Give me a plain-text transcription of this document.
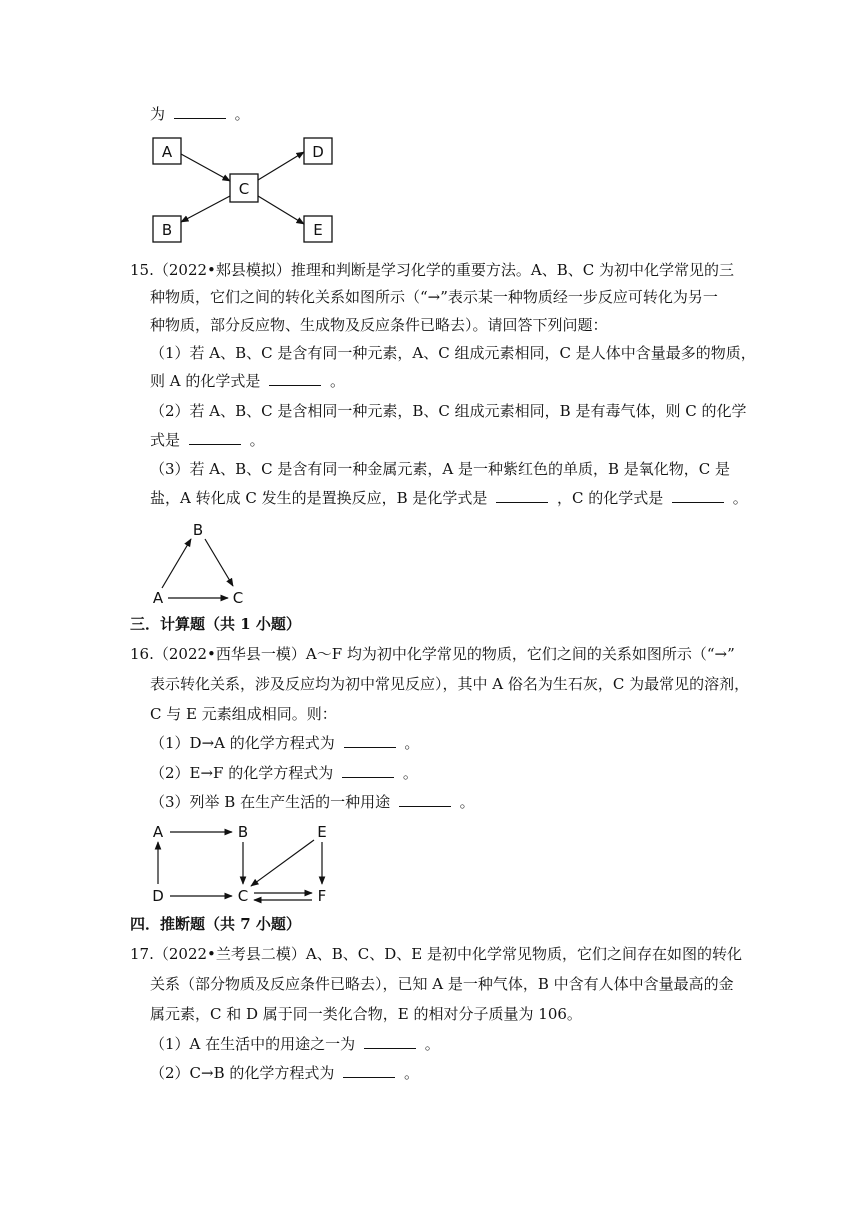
为	。
A
C
D
B	E
15.（2022•郏县模拟）推理和判断是学习化学的重要方法。A、B、C 为初中化学常见的三
种物质，它们之间的转化关系如图所示（“→”表示某一种物质经一步反应可转化为另一
种物质，部分反应物、生成物及反应条件已略去）。请回答下列问题：
（1）若 A、B、C 是含有同一种元素，A、C 组成元素相同，C 是人体中含量最多的物质，
则 A 的化学式是	。
（2）若 A、B、C 是含相同一种元素，B、C 组成元素相同，B 是有毒气体，则 C 的化学
式是	。
（3）若 A、B、C 是含有同一种金属元素，A 是一种紫红色的单质，B 是氧化物，C 是
盐，A 转化成 C 发生的是置换反应，B 是化学式是	，C 的化学式是	。
B
A	C
三．计算题（共 1 小题）
16.（2022•西华县一模）A～F 均为初中化学常见的物质，它们之间的关系如图所示（“→”
表示转化关系，涉及反应均为初中常见反应），其中 A 俗名为生石灰，C 为最常见的溶剂，
C 与 E 元素组成相同。则：
（1）D→A 的化学方程式为	。
（2）E→F 的化学方程式为	。
（3）列举 B 在生产生活的一种用途	。
A	B	E
D	C	F
四．推断题（共 7 小题）
17.（2022•兰考县二模）A、B、C、D、E 是初中化学常见物质，它们之间存在如图的转化
关系（部分物质及反应条件已略去），已知 A 是一种气体，B 中含有人体中含量最高的金
属元素，C 和 D 属于同一类化合物，E 的相对分子质量为 106。
（1）A 在生活中的用途之一为	。
（2）C→B 的化学方程式为	。
